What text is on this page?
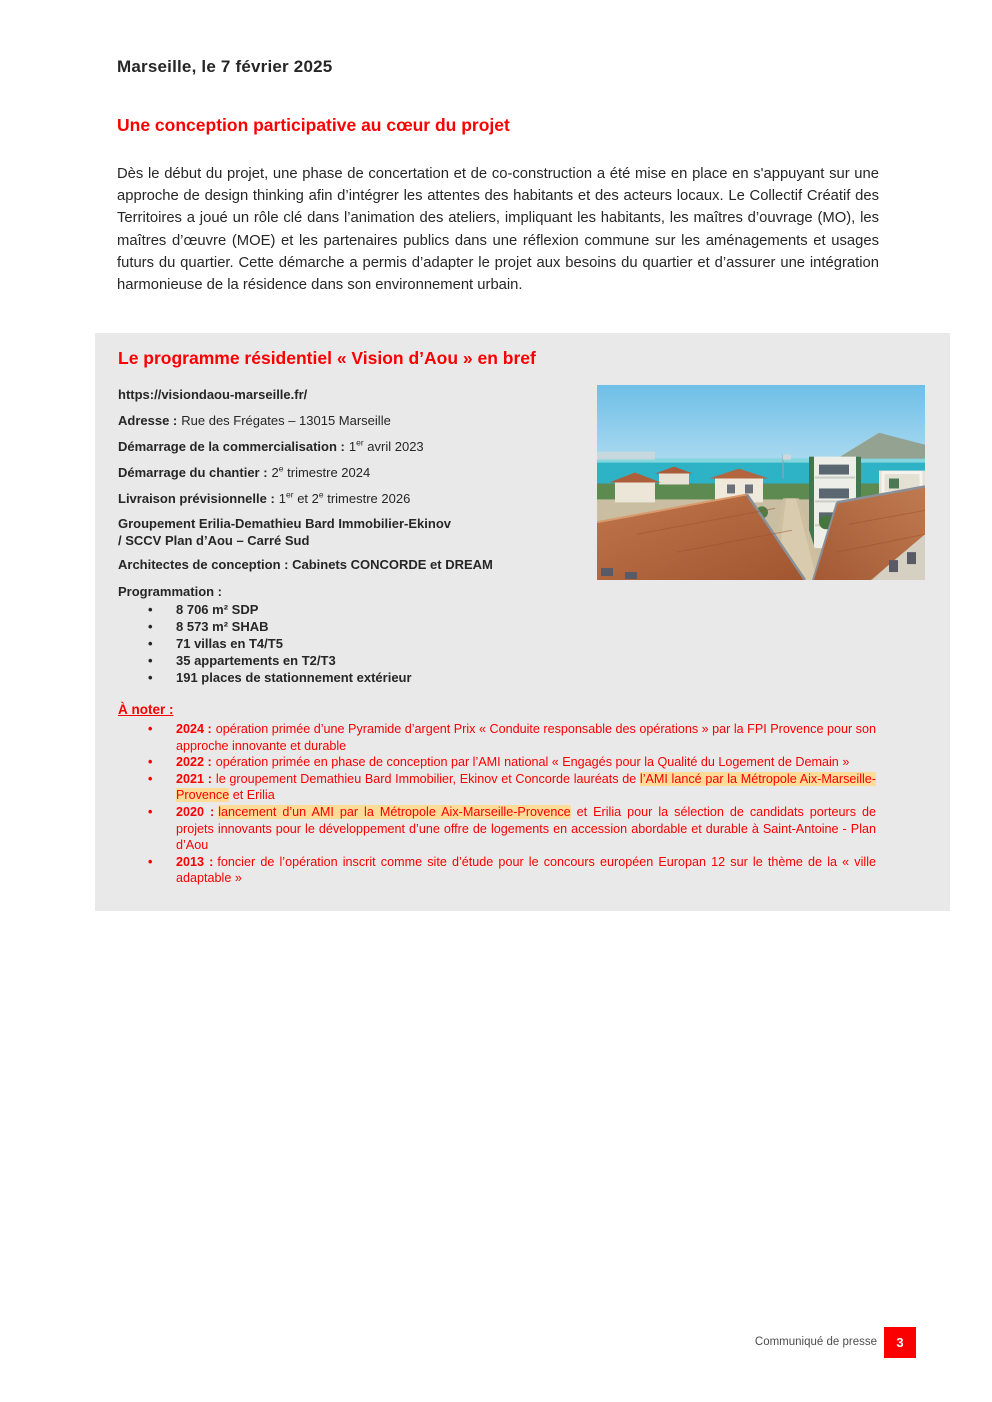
Marseille, le 7 février 2025
Une conception participative au cœur du projet

Dès le début du projet, une phase de concertation et de co-construction a été mise en place en s'appuyant sur une approche de design thinking afin d’intégrer les attentes des habitants et des acteurs locaux. Le Collectif Créatif des Territoires a joué un rôle clé dans l’animation des ateliers, impliquant les habitants, les maîtres d’ouvrage (MO), les maîtres d’œuvre (MOE) et les partenaires publics dans une réflexion commune sur les aménagements et usages futurs du quartier. Cette démarche a permis d’adapter le projet aux besoins du quartier et d’assurer une intégration harmonieuse de la résidence dans son environnement urbain.

Le programme résidentiel « Vision d’Aou » en bref
https://visiondaou-marseille.fr/
Adresse : Rue des Frégates – 13015 Marseille
Démarrage de la commercialisation : 1er avril 2023
Démarrage du chantier : 2e trimestre 2024
Livraison prévisionnelle : 1er et 2e trimestre 2026
Groupement Erilia-Demathieu Bard Immobilier-Ekinov
/ SCCV Plan d’Aou – Carré Sud
Architectes de conception : Cabinets CONCORDE et DREAM
Programmation :
• 8 706 m² SDP
• 8 573 m² SHAB
• 71 villas en T4/T5
• 35 appartements en T2/T3
• 191 places de stationnement extérieur
À noter :
• 2024 : opération primée d’une Pyramide d’argent Prix « Conduite responsable des opérations » par la FPI Provence pour son approche innovante et durable
• 2022 : opération primée en phase de conception par l’AMI national « Engagés pour la Qualité du Logement de Demain »
• 2021 : le groupement Demathieu Bard Immobilier, Ekinov et Concorde lauréats de l’AMI lancé par la Métropole Aix-Marseille-Provence et Erilia
• 2020 : lancement d’un AMI par la Métropole Aix-Marseille-Provence et Erilia pour la sélection de candidats porteurs de projets innovants pour le développement d’une offre de logements en accession abordable et durable à Saint-Antoine - Plan d’Aou
• 2013 : foncier de l’opération inscrit comme site d’étude pour le concours européen Europan 12 sur le thème de la « ville adaptable »
Communiqué de presse	3
